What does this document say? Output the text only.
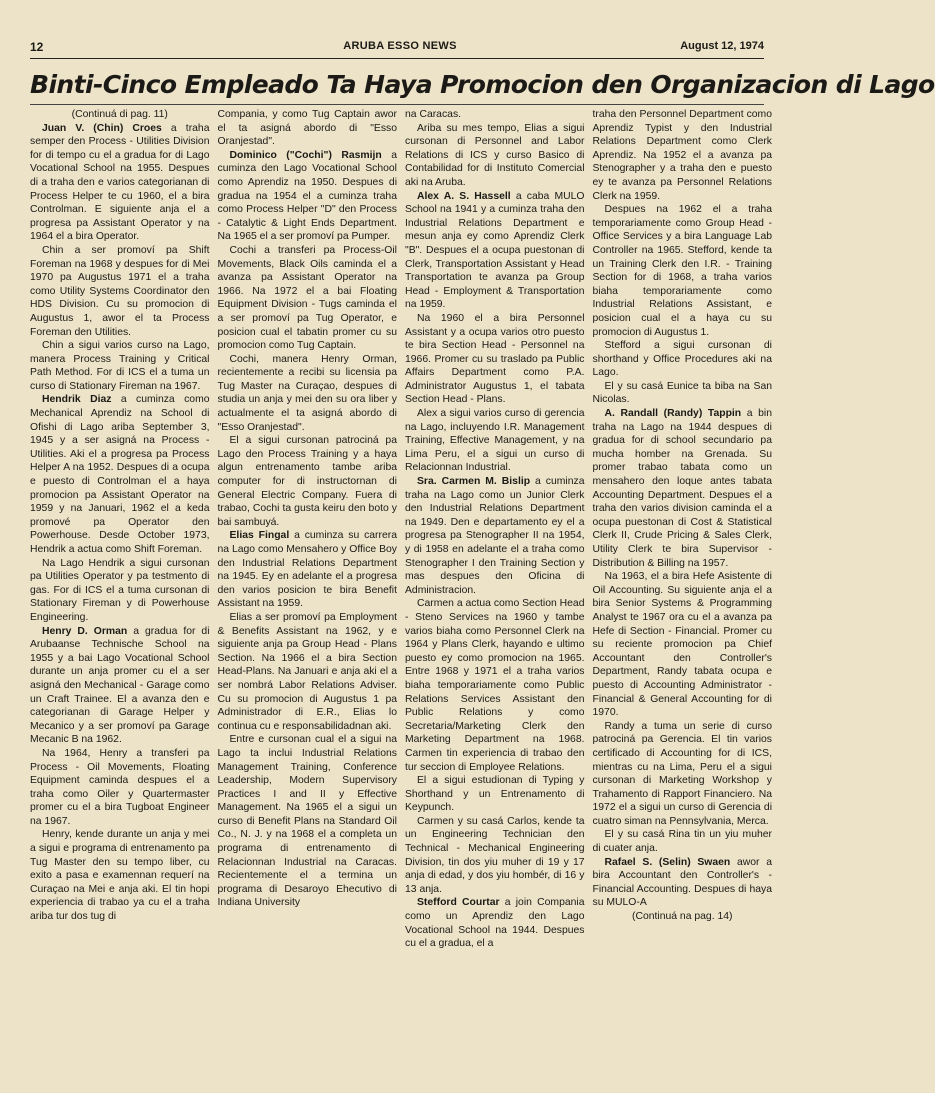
12	ARUBA ESSO NEWS	August 12, 1974
Binti-Cinco Empleado Ta Haya Promocion den Organizacion di Lago

(Continuá di pag. 11)

Juan V. (Chin) Croes a traha semper den Process - Utilities Division for di tempo cu el a gradua for di Lago Vocational School na 1955. Despues di a traha den e varios categorianan di Process Helper te cu 1960, el a bira Controlman. E siguiente anja el a progresa pa Assistant Operator y na 1964 el a bira Operator.

Chin a ser promoví pa Shift Foreman na 1968 y despues for di Mei 1970 pa Augustus 1971 el a traha como Utility Systems Coordinator den HDS Division. Cu su promocion di Augustus 1, awor el ta Process Foreman den Utilities.

Chin a sigui varios curso na Lago, manera Process Training y Critical Path Method. For di ICS el a tuma un curso di Stationary Fireman na 1967.

Hendrik Diaz a cuminza como Mechanical Aprendiz na School di Ofishi di Lago ariba September 3, 1945 y a ser asigná na Process - Utilities. Aki el a progresa pa Process Helper A na 1952. Despues di a ocupa e puesto di Controlman el a haya promocion pa Assistant Operator na 1959 y na Januari, 1962 el a keda promové pa Operator den Powerhouse. Desde October 1973, Hendrik a actua como Shift Foreman.

Na Lago Hendrik a sigui cursonan pa Utilities Operator y pa testmento di gas. For di ICS el a tuma cursonan di Stationary Fireman y di Powerhouse Engineering.

Henry D. Orman a gradua for di Arubaanse Technische School na 1955 y a bai Lago Vocational School durante un anja promer cu el a ser asigná den Mechanical - Garage como un Craft Trainee. El a avanza den e categorianan di Garage Helper y Mecanico y a ser promoví pa Garage Mecanic B na 1962.

Na 1964, Henry a transferi pa Process - Oil Movements, Floating Equipment caminda despues el a traha como Oiler y Quartermaster promer cu el a bira Tugboat Engineer na 1967.

Henry, kende durante un anja y mei a sigui e programa di entrenamento pa Tug Master den su tempo liber, cu exito a pasa e examennan requerí na Curaçao na Mei e anja aki. El tin hopi experiencia di trabao ya cu el a traha ariba tur dos tug di

Compania, y como Tug Captain awor el ta asigná abordo di "Esso Oranjestad".

Dominico ("Cochi") Rasmijn a cuminza den Lago Vocational School como Aprendiz na 1950. Despues di gradua na 1954 el a cuminza traha como Process Helper "D" den Process - Catalytic & Light Ends Department. Na 1965 el a ser promoví pa Pumper.

Cochi a transferi pa Process-Oil Movements, Black Oils caminda el a avanza pa Assistant Operator na 1966. Na 1972 el a bai Floating Equipment Division - Tugs caminda el a ser promoví pa Tug Operator, e posicion cual el tabatin promer cu su promocion como Tug Captain.

Cochi, manera Henry Orman, recientemente a recibi su licensia pa Tug Master na Curaçao, despues di studia un anja y mei den su ora liber y actualmente el ta asigná abordo di "Esso Oranjestad".

El a sigui cursonan patrociná pa Lago den Process Training y a haya algun entrenamento tambe ariba computer for di instructornan di General Electric Company. Fuera di trabao, Cochi ta gusta keiru den boto y bai sambuyá.

Elias Fingal a cuminza su carrera na Lago como Mensahero y Office Boy den Industrial Relations Department na 1945. Ey en adelante el a progresa den varios posicion te bira Benefit Assistant na 1959.

Elias a ser promoví pa Employment & Benefits Assistant na 1962, y e siguiente anja pa Group Head - Plans Section. Na 1966 el a bira Section Head-Plans. Na Januari e anja aki el a ser nombrá Labor Relations Adviser. Cu su promocion di Augustus 1 pa Administrador di E.R., Elias lo continua cu e responsabilidadnan aki.

Entre e cursonan cual el a sigui na Lago ta inclui Industrial Relations Management Training, Conference Leadership, Modern Supervisory Practices I and II y Effective Management. Na 1965 el a sigui un curso di Benefit Plans na Standard Oil Co., N. J. y na 1968 el a completa un programa di entrenamento di Relacionnan Industrial na Caracas. Recientemente el a termina un programa di Desaroyo Ehecutivo di Indiana University

na Caracas.

Ariba su mes tempo, Elias a sigui cursonan di Personnel and Labor Relations di ICS y curso Basico di Contabilidad for di Instituto Comercial aki na Aruba.

Alex A. S. Hassell a caba MULO School na 1941 y a cuminza traha den Industrial Relations Department e mesun anja ey como Aprendiz Clerk "B". Despues el a ocupa puestonan di Clerk, Transportation Assistant y Head Transportation te avanza pa Group Head - Employment & Transportation na 1959.

Na 1960 el a bira Personnel Assistant y a ocupa varios otro puesto te bira Section Head - Personnel na 1966. Promer cu su traslado pa Public Affairs Department como P.A. Administrator Augustus 1, el tabata Section Head - Plans.

Alex a sigui varios curso di gerencia na Lago, incluyendo I.R. Management Training, Effective Management, y na Lima Peru, el a sigui un curso di Relacionnan Industrial.

Sra. Carmen M. Bislip a cuminza traha na Lago como un Junior Clerk den Industrial Relations Department na 1949. Den e departamento ey el a progresa pa Stenographer II na 1954, y di 1958 en adelante el a traha como Stenographer I den Training Section y mas despues den Oficina di Administracion.

Carmen a actua como Section Head - Steno Services na 1960 y tambe varios biaha como Personnel Clerk na 1964 y Plans Clerk, hayando e ultimo puesto ey como promocion na 1965. Entre 1968 y 1971 el a traha varios biaha temporariamente como Public Relations Services Assistant den Public Relations y como Secretaria/Marketing Clerk den Marketing Department na 1968. Carmen tin experiencia di trabao den tur seccion di Employee Relations.

El a sigui estudionan di Typing y Shorthand y un Entrenamento di Keypunch.

Carmen y su casá Carlos, kende ta un Engineering Technician den Technical - Mechanical Engineering Division, tin dos yiu muher di 19 y 17 anja di edad, y dos yiu hombér, di 16 y 13 anja.

Stefford Courtar a join Compania como un Aprendiz den Lago Vocational School na 1944. Despues cu el a gradua, el a

traha den Personnel Department como Aprendiz Typist y den Industrial Relations Department como Clerk Aprendiz. Na 1952 el a avanza pa Stenographer y a traha den e puesto ey te avanza pa Personnel Relations Clerk na 1959.

Despues na 1962 el a traha temporariamente como Group Head - Office Services y a bira Language Lab Controller na 1965. Stefford, kende ta un Training Clerk den I.R. - Training Section for di 1968, a traha varios biaha temporariamente como Industrial Relations Assistant, e posicion cual el a haya cu su promocion di Augustus 1.

Stefford a sigui cursonan di shorthand y Office Procedures aki na Lago.

El y su casá Eunice ta biba na San Nicolas.

A. Randall (Randy) Tappin a bin traha na Lago na 1944 despues di gradua for di school secundario pa mucha homber na Grenada. Su promer trabao tabata como un mensahero den loque antes tabata Accounting Department. Despues el a traha den varios division caminda el a ocupa puestonan di Cost & Statistical Clerk II, Crude Pricing & Sales Clerk, Utility Clerk te bira Supervisor - Distribution & Billing na 1957.

Na 1963, el a bira Hefe Asistente di Oil Accounting. Su siguiente anja el a bira Senior Systems & Programming Analyst te 1967 ora cu el a avanza pa Hefe di Section - Financial. Promer cu su reciente promocion pa Chief Accountant den Controller's Department, Randy tabata ocupa e puesto di Accounting Administrator - Financial & General Accounting for di 1970.

Randy a tuma un serie di curso patrociná pa Gerencia. El tin varios certificado di Accounting for di ICS, mientras cu na Lima, Peru el a sigui cursonan di Marketing Workshop y Trahamento di Rapport Financiero. Na 1972 el a sigui un curso di Gerencia di cuatro siman na Pennsylvania, Merca.

El y su casá Rina tin un yiu muher di cuater anja.

Rafael S. (Selin) Swaen awor a bira Accountant den Controller's - Financial Accounting. Despues di haya su MULO-A

(Continuá na pag. 14)
